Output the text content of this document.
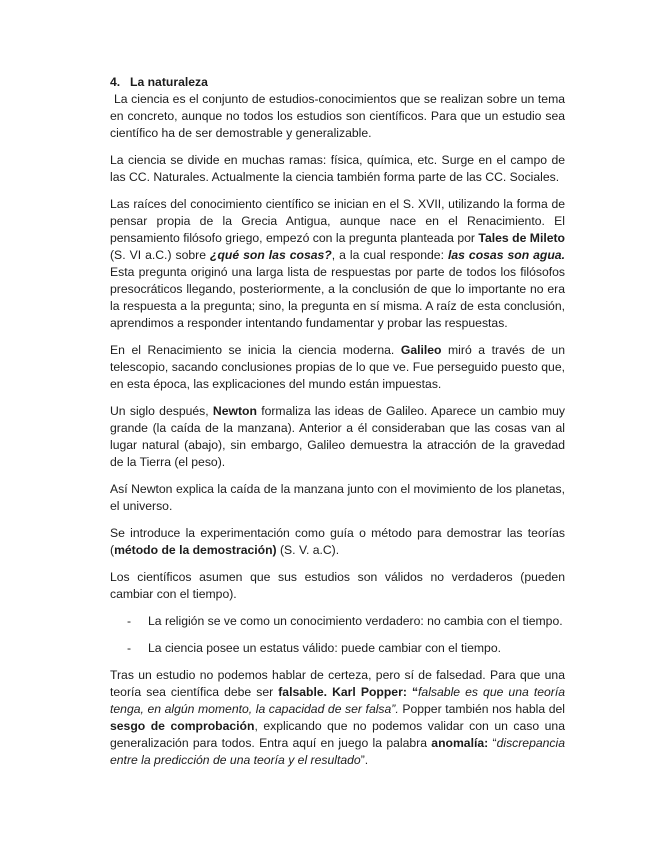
4. La naturaleza

La ciencia es el conjunto de estudios-conocimientos que se realizan sobre un tema en concreto, aunque no todos los estudios son científicos. Para que un estudio sea científico ha de ser demostrable y generalizable.

La ciencia se divide en muchas ramas: física, química, etc. Surge en el campo de las CC. Naturales. Actualmente la ciencia también forma parte de las CC. Sociales.

Las raíces del conocimiento científico se inician en el S. XVII, utilizando la forma de pensar propia de la Grecia Antigua, aunque nace en el Renacimiento. El pensamiento filósofo griego, empezó con la pregunta planteada por Tales de Mileto (S. VI a.C.) sobre ¿qué son las cosas?, a la cual responde: las cosas son agua. Esta pregunta originó una larga lista de respuestas por parte de todos los filósofos presocráticos llegando, posteriormente, a la conclusión de que lo importante no era la respuesta a la pregunta; sino, la pregunta en sí misma. A raíz de esta conclusión, aprendimos a responder intentando fundamentar y probar las respuestas.

En el Renacimiento se inicia la ciencia moderna. Galileo miró a través de un telescopio, sacando conclusiones propias de lo que ve. Fue perseguido puesto que, en esta época, las explicaciones del mundo están impuestas.

Un siglo después, Newton formaliza las ideas de Galileo. Aparece un cambio muy grande (la caída de la manzana). Anterior a él consideraban que las cosas van al lugar natural (abajo), sin embargo, Galileo demuestra la atracción de la gravedad de la Tierra (el peso).

Así Newton explica la caída de la manzana junto con el movimiento de los planetas, el universo.

Se introduce la experimentación como guía o método para demostrar las teorías (método de la demostración) (S. V. a.C).

Los científicos asumen que sus estudios son válidos no verdaderos (pueden cambiar con el tiempo).

- La religión se ve como un conocimiento verdadero: no cambia con el tiempo.
- La ciencia posee un estatus válido: puede cambiar con el tiempo.

Tras un estudio no podemos hablar de certeza, pero sí de falsedad. Para que una teoría sea científica debe ser falsable. Karl Popper: “falsable es que una teoría tenga, en algún momento, la capacidad de ser falsa”. Popper también nos habla del sesgo de comprobación, explicando que no podemos validar con un caso una generalización para todos. Entra aquí en juego la palabra anomalía: “discrepancia entre la predicción de una teoría y el resultado”.
